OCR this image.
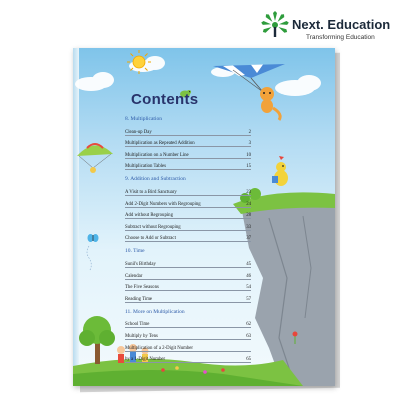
Next. Education
Transforming Education
Contents
8. Multiplication
Clean-up Day	2
Multiplication as Repeated Addition	3
Multiplication on a Number Line	10
Multiplication Tables	15
9. Addition and Subtraction
A Visit to a Bird Sanctuary	23
Add 2-Digit Numbers with Regrouping	24
Add without Regrouping	28
Subtract without Regrouping	33
Choose to Add or Subtract	37
10. Time
Sunil's Birthday	45
Calendar	46
The Five Seasons	54
Reading Time	57
11. More on Multiplication
School Time	62
Multiply by Tens	63
Multiplication of a 2-Digit Number
by a 1-Digit Number	65
